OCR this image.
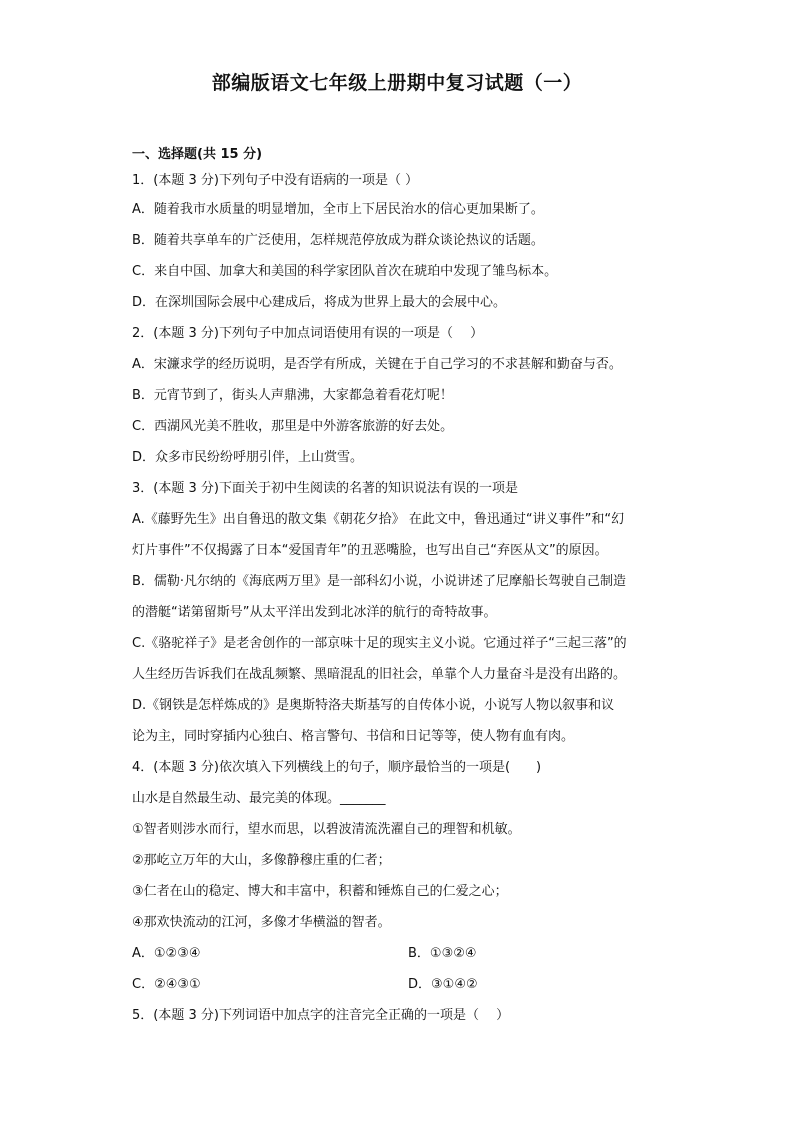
部编版语文七年级上册期中复习试题（一）
一、选择题(共 15 分)
1．(本题 3 分)下列句子中没有语病的一项是（ ）
A．随着我市水质量的明显增加，全市上下居民治水的信心更加果断了。
B．随着共享单车的广泛使用，怎样规范停放成为群众谈论热议的话题。
C．来自中国、加拿大和美国的科学家团队首次在琥珀中发现了雏鸟标本。
D．在深圳国际会展中心建成后，将成为世界上最大的会展中心。
2．(本题 3 分)下列句子中加点词语使用有误的一项是（　 ）
A．宋濂求学的经历说明，是否学有所成，关键在于自己学习的不求甚解和勤奋与否。
B．元宵节到了，街头人声鼎沸，大家都急着看花灯呢！
C．西湖风光美不胜收，那里是中外游客旅游的好去处。
D．众多市民纷纷呼朋引伴，上山赏雪。
3．(本题 3 分)下面关于初中生阅读的名著的知识说法有误的一项是
A.《藤野先生》出自鲁迅的散文集《朝花夕拾》 在此文中，鲁迅通过“讲义事件”和“幻
灯片事件”不仅揭露了日本“爱国青年”的丑恶嘴脸，也写出自己“弃医从文”的原因。
B．儒勒·凡尔纳的《海底两万里》是一部科幻小说，小说讲述了尼摩船长驾驶自己制造
的潜艇“诺第留斯号”从太平洋出发到北冰洋的航行的奇特故事。
C.《骆驼祥子》是老舍创作的一部京味十足的现实主义小说。它通过祥子“三起三落”的
人生经历告诉我们在战乱频繁、黑暗混乱的旧社会，单靠个人力量奋斗是没有出路的。
D.《钢铁是怎样炼成的》是奥斯特洛夫斯基写的自传体小说，小说写人物以叙事和议
论为主，同时穿插内心独白、格言警句、书信和日记等等，使人物有血有肉。
4．(本题 3 分)依次填入下列横线上的句子，顺序最恰当的一项是(　　)
山水是自然最生动、最完美的体现。_______
①智者则涉水而行，望水而思，以碧波清流洗濯自己的理智和机敏。
②那屹立万年的大山，多像静穆庄重的仁者；
③仁者在山的稳定、博大和丰富中，积蓄和锤炼自己的仁爱之心；
④那欢快流动的江河，多像才华横溢的智者。
A．①②③④	B．①③②④
C．②④③①	D．③①④②
5．(本题 3 分)下列词语中加点字的注音完全正确的一项是（　 ）
